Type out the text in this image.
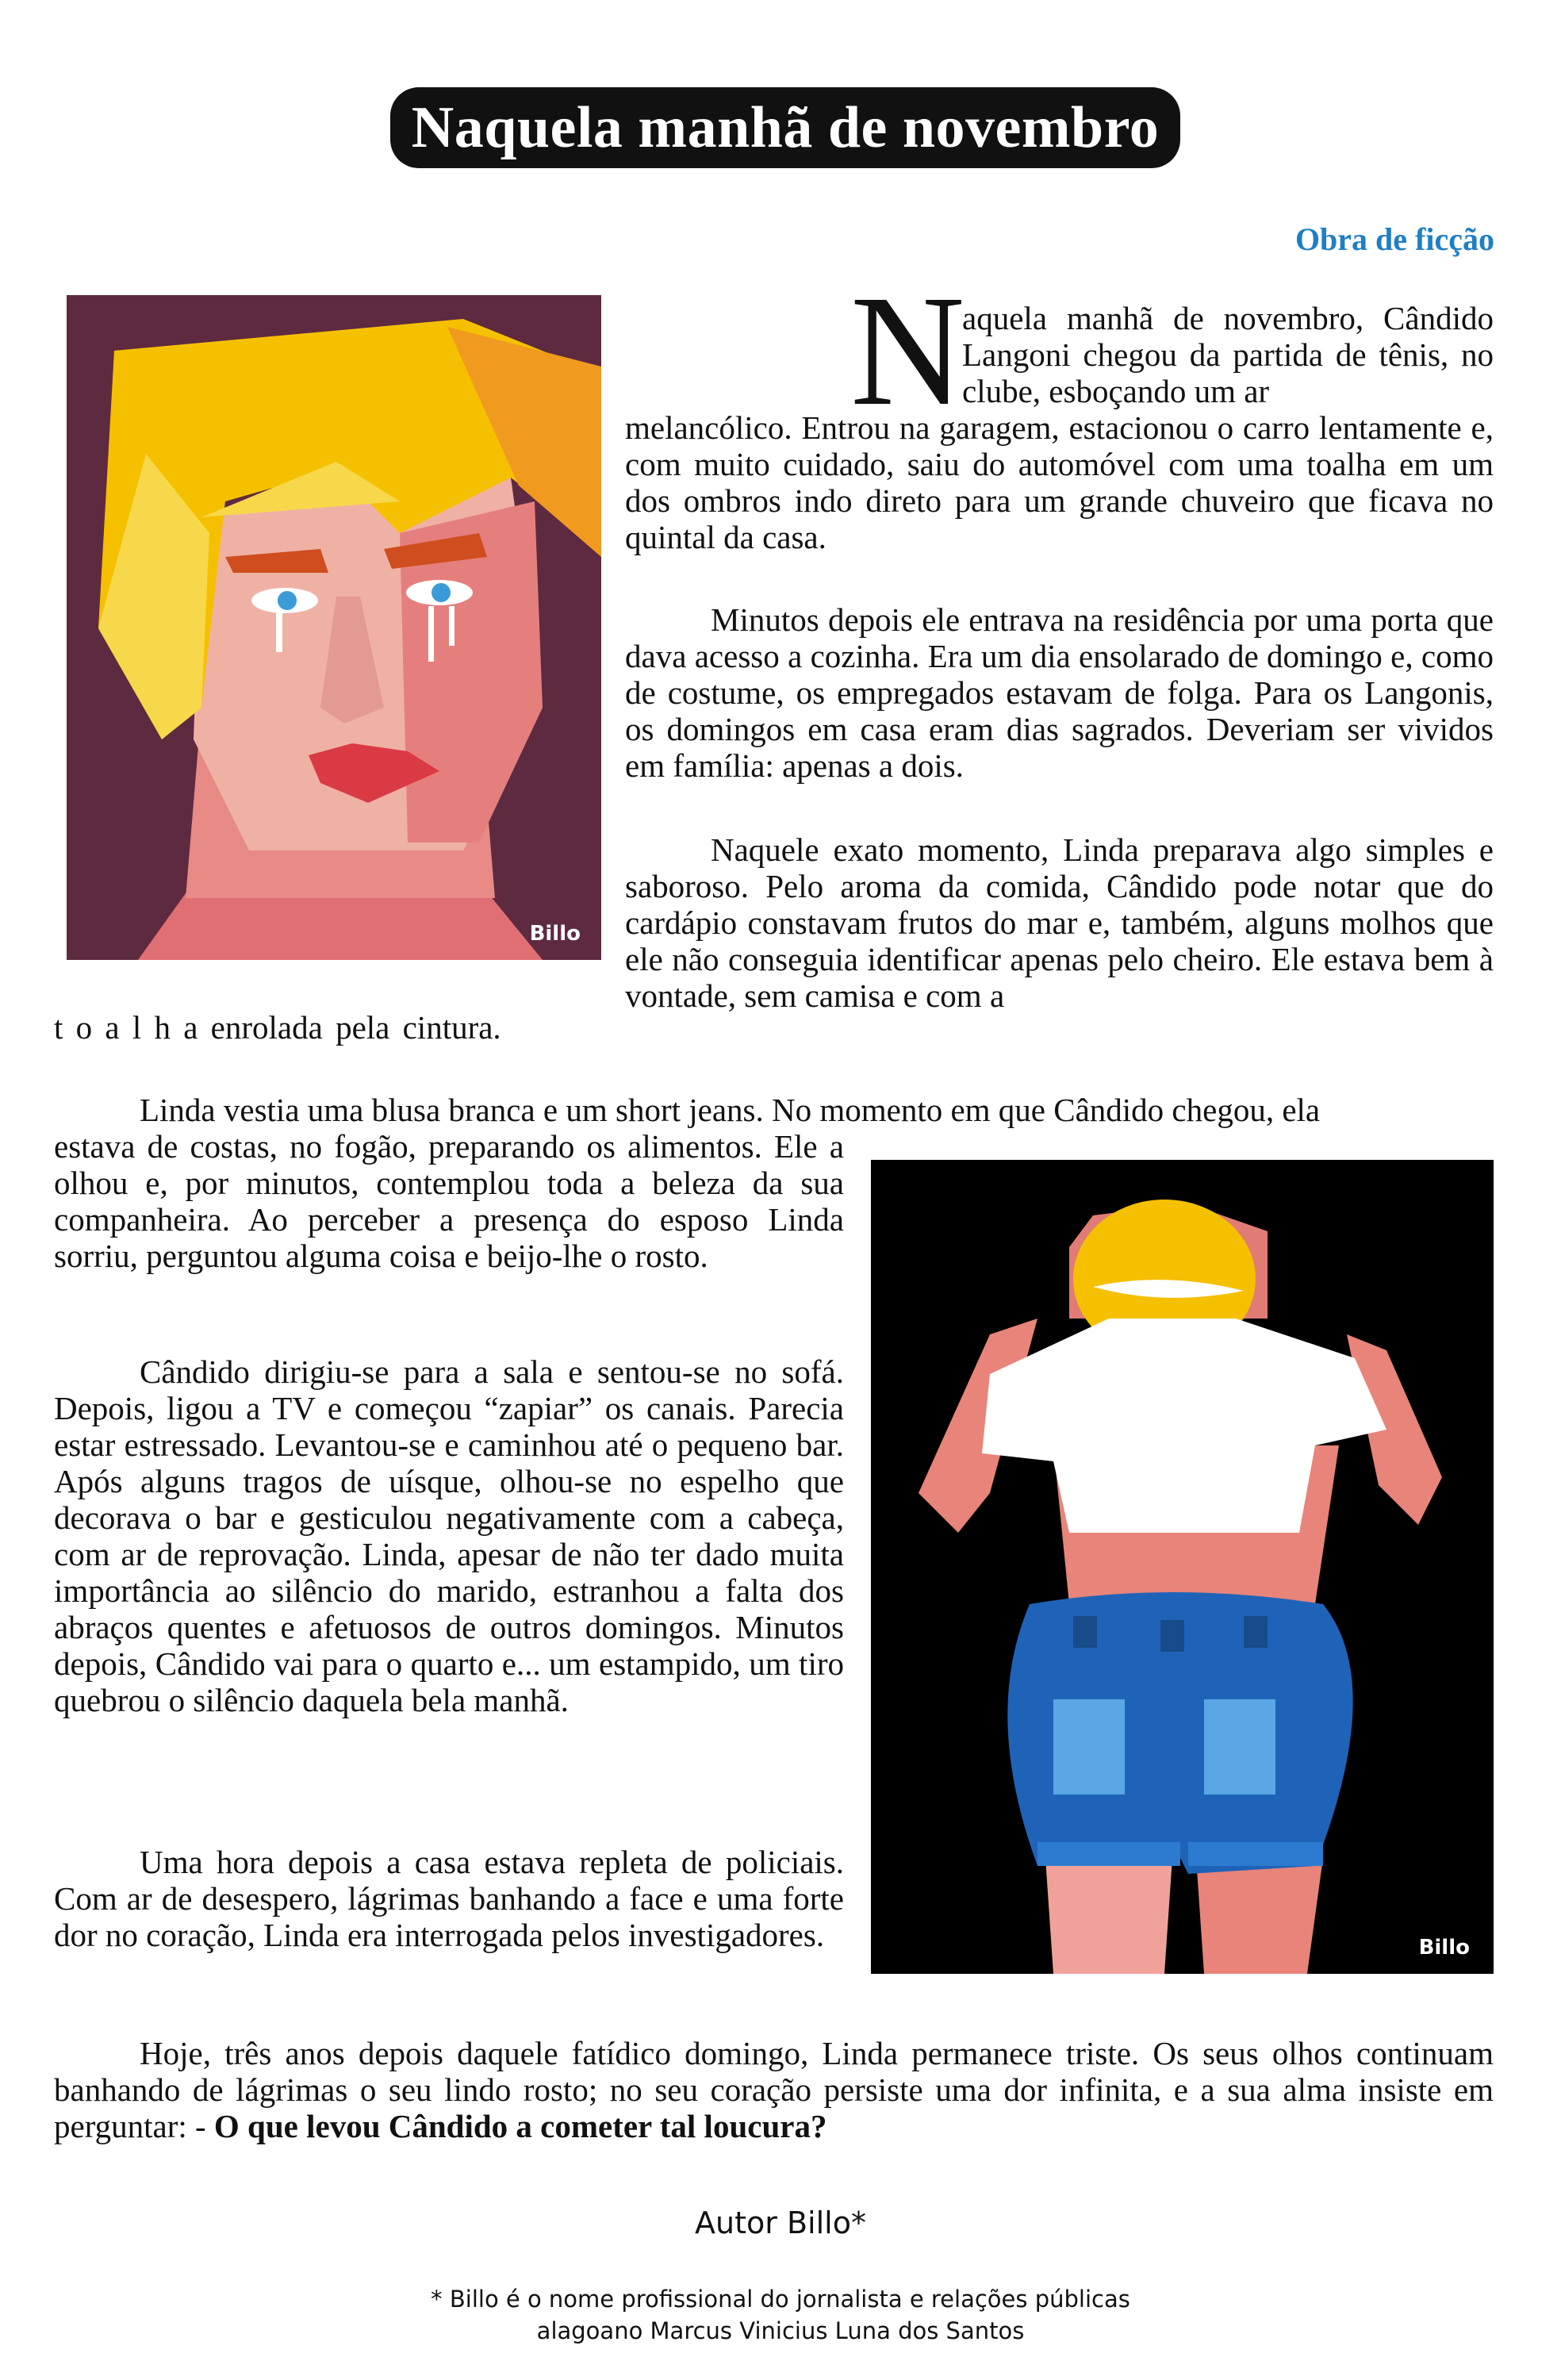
Naquela manhã de novembro
Obra de ficção
Billo
Billo
N

aquela manhã de novembro, Cândido Langoni chegou da partida de tênis, no clube, esboçando um ar

melancólico. Entrou na garagem, estacionou o carro lentamente e, com muito cuidado, saiu do automóvel com uma toalha em um dos ombros indo direto para um grande chuveiro que ficava no quintal da casa.

Minutos depois ele entrava na residência por uma porta que dava acesso a cozinha. Era um dia ensolarado de domingo e, como de costume, os empregados estavam de folga. Para os Langonis, os domingos em casa eram dias sagrados. Deveriam ser vividos em família: apenas a dois.

Naquele exato momento, Linda preparava algo simples e saboroso. Pelo aroma da comida, Cândido pode notar que do cardápio constavam frutos do mar e, também, alguns molhos que ele não conseguia identificar apenas pelo cheiro. Ele estava bem à vontade, sem camisa e com a

t o a l h a enrolada pela cintura.

Linda vestia uma blusa branca e um short jeans. No momento em que Cândido chegou, ela

estava de costas, no fogão, preparando os alimentos. Ele a olhou e, por minutos, contemplou toda a beleza da sua companheira. Ao perceber a presença do esposo Linda sorriu, perguntou alguma coisa e beijo-lhe o rosto.

Cândido dirigiu-se para a sala e sentou-se no sofá. Depois, ligou a TV e começou “zapiar” os canais. Parecia estar estressado. Levantou-se e caminhou até o pequeno bar. Após alguns tragos de uísque, olhou-se no espelho que decorava o bar e gesticulou negativamente com a cabeça, com ar de reprovação. Linda, apesar de não ter dado muita importância ao silêncio do marido, estranhou a falta dos abraços quentes e afetuosos de outros domingos. Minutos depois, Cândido vai para o quarto e... um estampido, um tiro quebrou o silêncio daquela bela manhã.

Uma hora depois a casa estava repleta de policiais. Com ar de desespero, lágrimas banhando a face e uma forte dor no coração, Linda era interrogada pelos investigadores.

Hoje, três anos depois daquele fatídico domingo, Linda permanece triste. Os seus olhos continuam banhando de lágrimas o seu lindo rosto; no seu coração persiste uma dor infinita, e a sua alma insiste em perguntar: - O que levou Cândido a cometer tal loucura?

Autor Billo*
* Billo é o nome profissional do jornalista e relações públicas
alagoano Marcus Vinicius Luna dos Santos
